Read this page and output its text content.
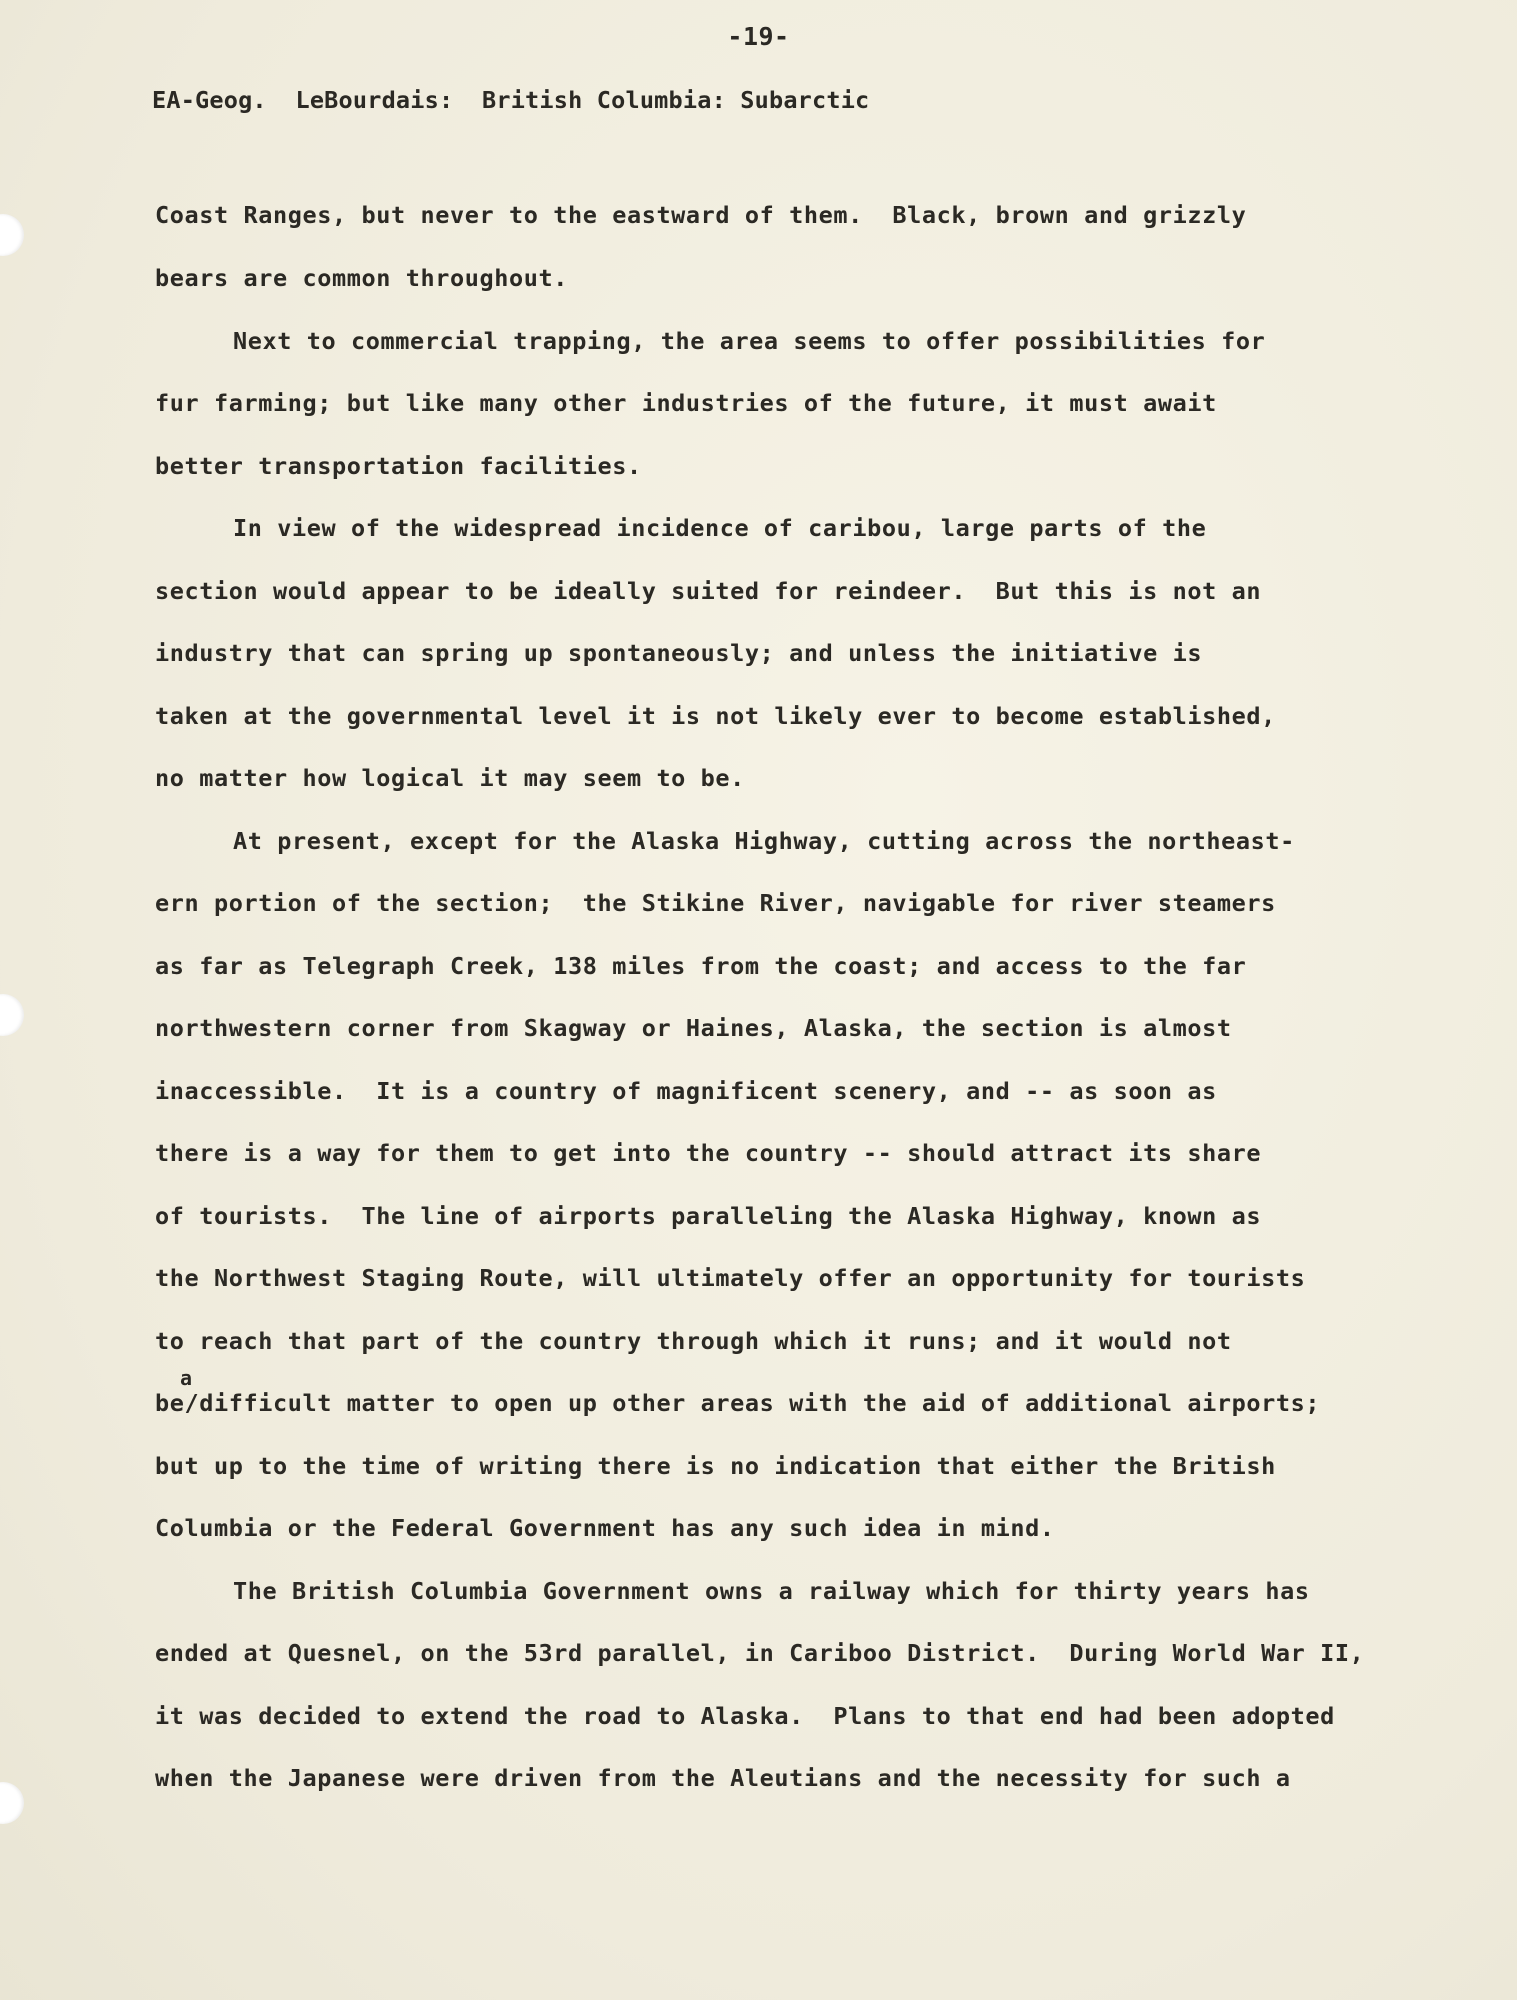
-19-
EA-Geog.  LeBourdais:  British Columbia: Subarctic
Coast Ranges, but never to the eastward of them.  Black, brown and grizzly
bears are common throughout.
Next to commercial trapping, the area seems to offer possibilities for
fur farming; but like many other industries of the future, it must await
better transportation facilities.
In view of the widespread incidence of caribou, large parts of the
section would appear to be ideally suited for reindeer.  But this is not an
industry that can spring up spontaneously; and unless the initiative is
taken at the governmental level it is not likely ever to become established,
no matter how logical it may seem to be.
At present, except for the Alaska Highway, cutting across the northeast-
ern portion of the section;  the Stikine River, navigable for river steamers
as far as Telegraph Creek, 138 miles from the coast; and access to the far
northwestern corner from Skagway or Haines, Alaska, the section is almost
inaccessible.  It is a country of magnificent scenery, and -- as soon as
there is a way for them to get into the country -- should attract its share
of tourists.  The line of airports paralleling the Alaska Highway, known as
the Northwest Staging Route, will ultimately offer an opportunity for tourists
to reach that part of the country through which it runs; and it would not
a
be/difficult matter to open up other areas with the aid of additional airports;
but up to the time of writing there is no indication that either the British
Columbia or the Federal Government has any such idea in mind.
The British Columbia Government owns a railway which for thirty years has
ended at Quesnel, on the 53rd parallel, in Cariboo District.  During World War II,
it was decided to extend the road to Alaska.  Plans to that end had been adopted
when the Japanese were driven from the Aleutians and the necessity for such a
